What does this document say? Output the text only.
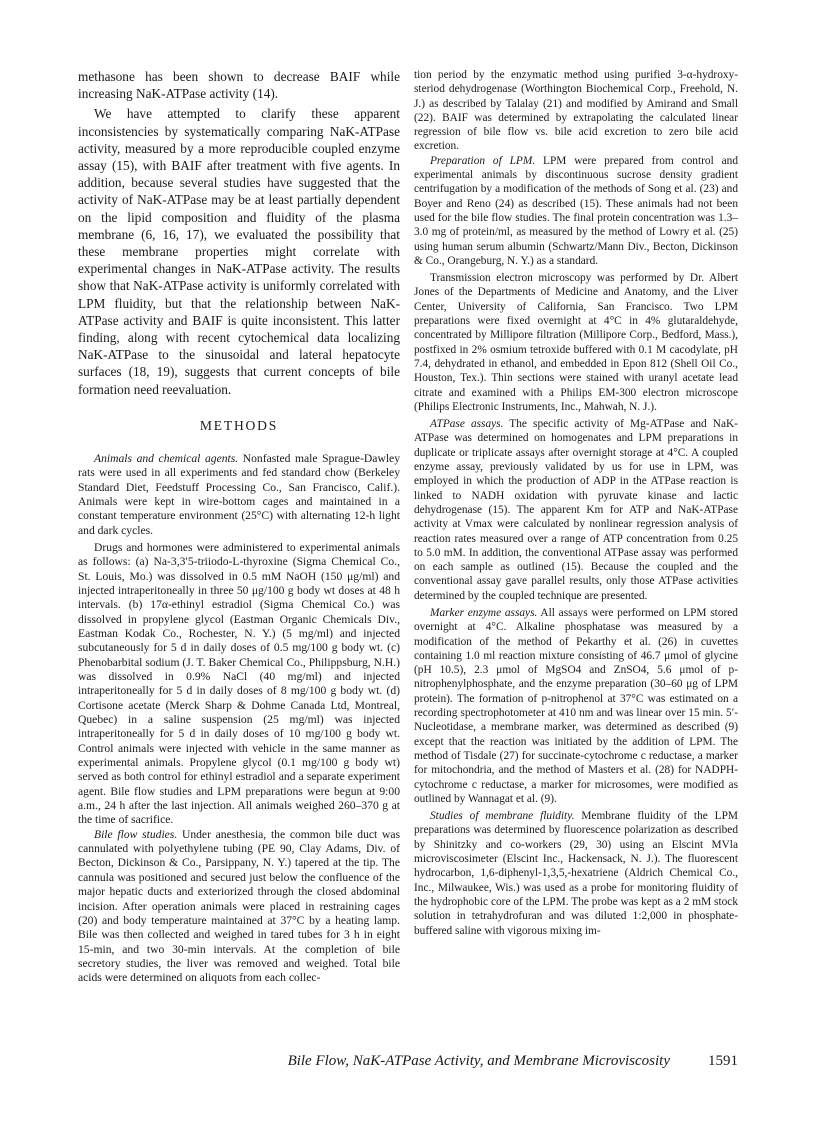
methasone has been shown to decrease BAIF while increasing NaK-ATPase activity (14).

We have attempted to clarify these apparent inconsistencies by systematically comparing NaK-ATPase activity, measured by a more reproducible coupled enzyme assay (15), with BAIF after treatment with five agents. In addition, because several studies have suggested that the activity of NaK-ATPase may be at least partially dependent on the lipid composition and fluidity of the plasma membrane (6, 16, 17), we evaluated the possibility that these membrane properties might correlate with experimental changes in NaK-ATPase activity. The results show that NaK-ATPase activity is uniformly correlated with LPM fluidity, but that the relationship between NaK-ATPase activity and BAIF is quite inconsistent. This latter finding, along with recent cytochemical data localizing NaK-ATPase to the sinusoidal and lateral hepatocyte surfaces (18, 19), suggests that current concepts of bile formation need reevaluation.

METHODS

Animals and chemical agents. Nonfasted male Sprague-Dawley rats were used in all experiments and fed standard chow (Berkeley Standard Diet, Feedstuff Processing Co., San Francisco, Calif.). Animals were kept in wire-bottom cages and maintained in a constant temperature environment (25°C) with alternating 12-h light and dark cycles.

Drugs and hormones were administered to experimental animals as follows: (a) Na-3,3′5-triiodo-L-thyroxine (Sigma Chemical Co., St. Louis, Mo.) was dissolved in 0.5 mM NaOH (150 μg/ml) and injected intraperitoneally in three 50 μg/100 g body wt doses at 48 h intervals. (b) 17α-ethinyl estradiol (Sigma Chemical Co.) was dissolved in propylene glycol (Eastman Organic Chemicals Div., Eastman Kodak Co., Rochester, N. Y.) (5 mg/ml) and injected subcutaneously for 5 d in daily doses of 0.5 mg/100 g body wt. (c) Phenobarbital sodium (J. T. Baker Chemical Co., Philippsburg, N.H.) was dissolved in 0.9% NaCl (40 mg/ml) and injected intraperitoneally for 5 d in daily doses of 8 mg/100 g body wt. (d) Cortisone acetate (Merck Sharp & Dohme Canada Ltd, Montreal, Quebec) in a saline suspension (25 mg/ml) was injected intraperitoneally for 5 d in daily doses of 10 mg/100 g body wt. Control animals were injected with vehicle in the same manner as experimental animals. Propylene glycol (0.1 mg/100 g body wt) served as both control for ethinyl estradiol and a separate experiment agent. Bile flow studies and LPM preparations were begun at 9:00 a.m., 24 h after the last injection. All animals weighed 260–370 g at the time of sacrifice.

Bile flow studies. Under anesthesia, the common bile duct was cannulated with polyethylene tubing (PE 90, Clay Adams, Div. of Becton, Dickinson & Co., Parsippany, N. Y.) tapered at the tip. The cannula was positioned and secured just below the confluence of the major hepatic ducts and exteriorized through the closed abdominal incision. After operation animals were placed in restraining cages (20) and body temperature maintained at 37°C by a heating lamp. Bile was then collected and weighed in tared tubes for 3 h in eight 15-min, and two 30-min intervals. At the completion of bile secretory studies, the liver was removed and weighed. Total bile acids were determined on aliquots from each collec-

tion period by the enzymatic method using purified 3-α-hydroxy-steriod dehydrogenase (Worthington Biochemical Corp., Freehold, N. J.) as described by Talalay (21) and modified by Amirand and Small (22). BAIF was determined by extrapolating the calculated linear regression of bile flow vs. bile acid excretion to zero bile acid excretion.

Preparation of LPM. LPM were prepared from control and experimental animals by discontinuous sucrose density gradient centrifugation by a modification of the methods of Song et al. (23) and Boyer and Reno (24) as described (15). These animals had not been used for the bile flow studies. The final protein concentration was 1.3–3.0 mg of protein/ml, as measured by the method of Lowry et al. (25) using human serum albumin (Schwartz/Mann Div., Becton, Dickinson & Co., Orangeburg, N. Y.) as a standard.

Transmission electron microscopy was performed by Dr. Albert Jones of the Departments of Medicine and Anatomy, and the Liver Center, University of California, San Francisco. Two LPM preparations were fixed overnight at 4°C in 4% glutaraldehyde, concentrated by Millipore filtration (Millipore Corp., Bedford, Mass.), postfixed in 2% osmium tetroxide buffered with 0.1 M cacodylate, pH 7.4, dehydrated in ethanol, and embedded in Epon 812 (Shell Oil Co., Houston, Tex.). Thin sections were stained with uranyl acetate lead citrate and examined with a Philips EM-300 electron microscope (Philips Electronic Instruments, Inc., Mahwah, N. J.).

ATPase assays. The specific activity of Mg-ATPase and NaK-ATPase was determined on homogenates and LPM preparations in duplicate or triplicate assays after overnight storage at 4°C. A coupled enzyme assay, previously validated by us for use in LPM, was employed in which the production of ADP in the ATPase reaction is linked to NADH oxidation with pyruvate kinase and lactic dehydrogenase (15). The apparent Km for ATP and NaK-ATPase activity at Vmax were calculated by nonlinear regression analysis of reaction rates measured over a range of ATP concentration from 0.25 to 5.0 mM. In addition, the conventional ATPase assay was performed on each sample as outlined (15). Because the coupled and the conventional assay gave parallel results, only those ATPase activities determined by the coupled technique are presented.

Marker enzyme assays. All assays were performed on LPM stored overnight at 4°C. Alkaline phosphatase was measured by a modification of the method of Pekarthy et al. (26) in cuvettes containing 1.0 ml reaction mixture consisting of 46.7 μmol of glycine (pH 10.5), 2.3 μmol of MgSO4 and ZnSO4, 5.6 μmol of p-nitrophenylphosphate, and the enzyme preparation (30–60 μg of LPM protein). The formation of p-nitrophenol at 37°C was estimated on a recording spectrophotometer at 410 nm and was linear over 15 min. 5′-Nucleotidase, a membrane marker, was determined as described (9) except that the reaction was initiated by the addition of LPM. The method of Tisdale (27) for succinate-cytochrome c reductase, a marker for mitochondria, and the method of Masters et al. (28) for NADPH-cytochrome c reductase, a marker for microsomes, were modified as outlined by Wannagat et al. (9).

Studies of membrane fluidity. Membrane fluidity of the LPM preparations was determined by fluorescence polarization as described by Shinitzky and co-workers (29, 30) using an Elscint MVla microviscosimeter (Elscint Inc., Hackensack, N. J.). The fluorescent hydrocarbon, 1,6-diphenyl-1,3,5,-hexatriene (Aldrich Chemical Co., Inc., Milwaukee, Wis.) was used as a probe for monitoring fluidity of the hydrophobic core of the LPM. The probe was kept as a 2 mM stock solution in tetrahydrofuran and was diluted 1:2,000 in phosphate-buffered saline with vigorous mixing im-

Bile Flow, NaK-ATPase Activity, and Membrane Microviscosity	1591
